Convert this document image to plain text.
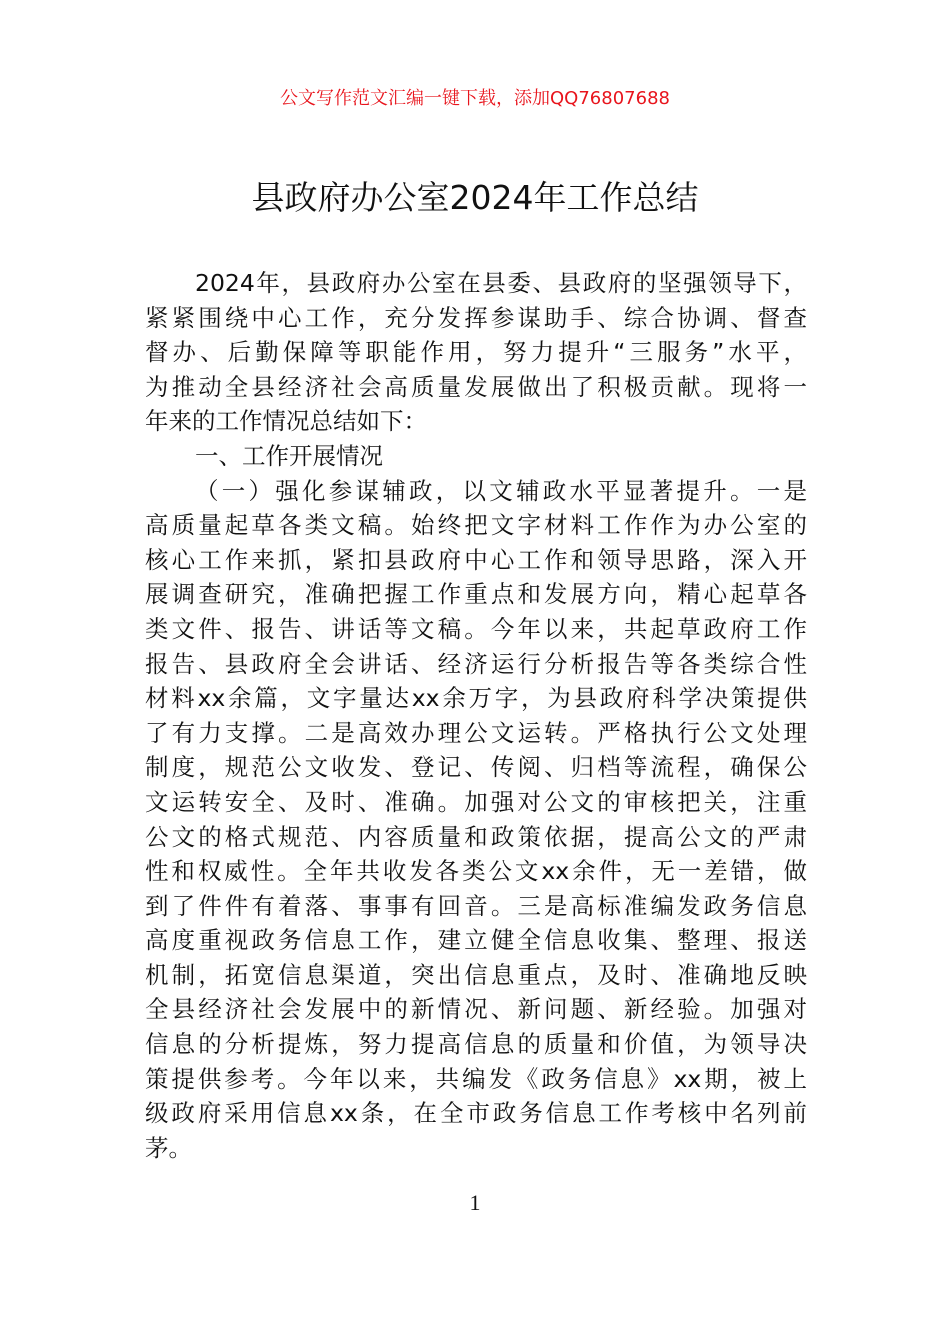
公文写作范文汇编一键下载，添加QQ76807688
县政府办公室2024年工作总结
2024年，县政府办公室在县委、县政府的坚强领导下，
紧紧围绕中心工作，充分发挥参谋助手、综合协调、督查
督办、后勤保障等职能作用，努力提升“三服务”水平，
为推动全县经济社会高质量发展做出了积极贡献。现将一
年来的工作情况总结如下：
一、工作开展情况
（一）强化参谋辅政，以文辅政水平显著提升。一是
高质量起草各类文稿。始终把文字材料工作作为办公室的
核心工作来抓，紧扣县政府中心工作和领导思路，深入开
展调查研究，准确把握工作重点和发展方向，精心起草各
类文件、报告、讲话等文稿。今年以来，共起草政府工作
报告、县政府全会讲话、经济运行分析报告等各类综合性
材料xx余篇，文字量达xx余万字，为县政府科学决策提供
了有力支撑。二是高效办理公文运转。严格执行公文处理
制度，规范公文收发、登记、传阅、归档等流程，确保公
文运转安全、及时、准确。加强对公文的审核把关，注重
公文的格式规范、内容质量和政策依据，提高公文的严肃
性和权威性。全年共收发各类公文xx余件，无一差错，做
到了件件有着落、事事有回音。三是高标准编发政务信息
高度重视政务信息工作，建立健全信息收集、整理、报送
机制，拓宽信息渠道，突出信息重点，及时、准确地反映
全县经济社会发展中的新情况、新问题、新经验。加强对
信息的分析提炼，努力提高信息的质量和价值，为领导决
策提供参考。今年以来，共编发《政务信息》xx期，被上
级政府采用信息xx条，在全市政务信息工作考核中名列前
茅。
1
